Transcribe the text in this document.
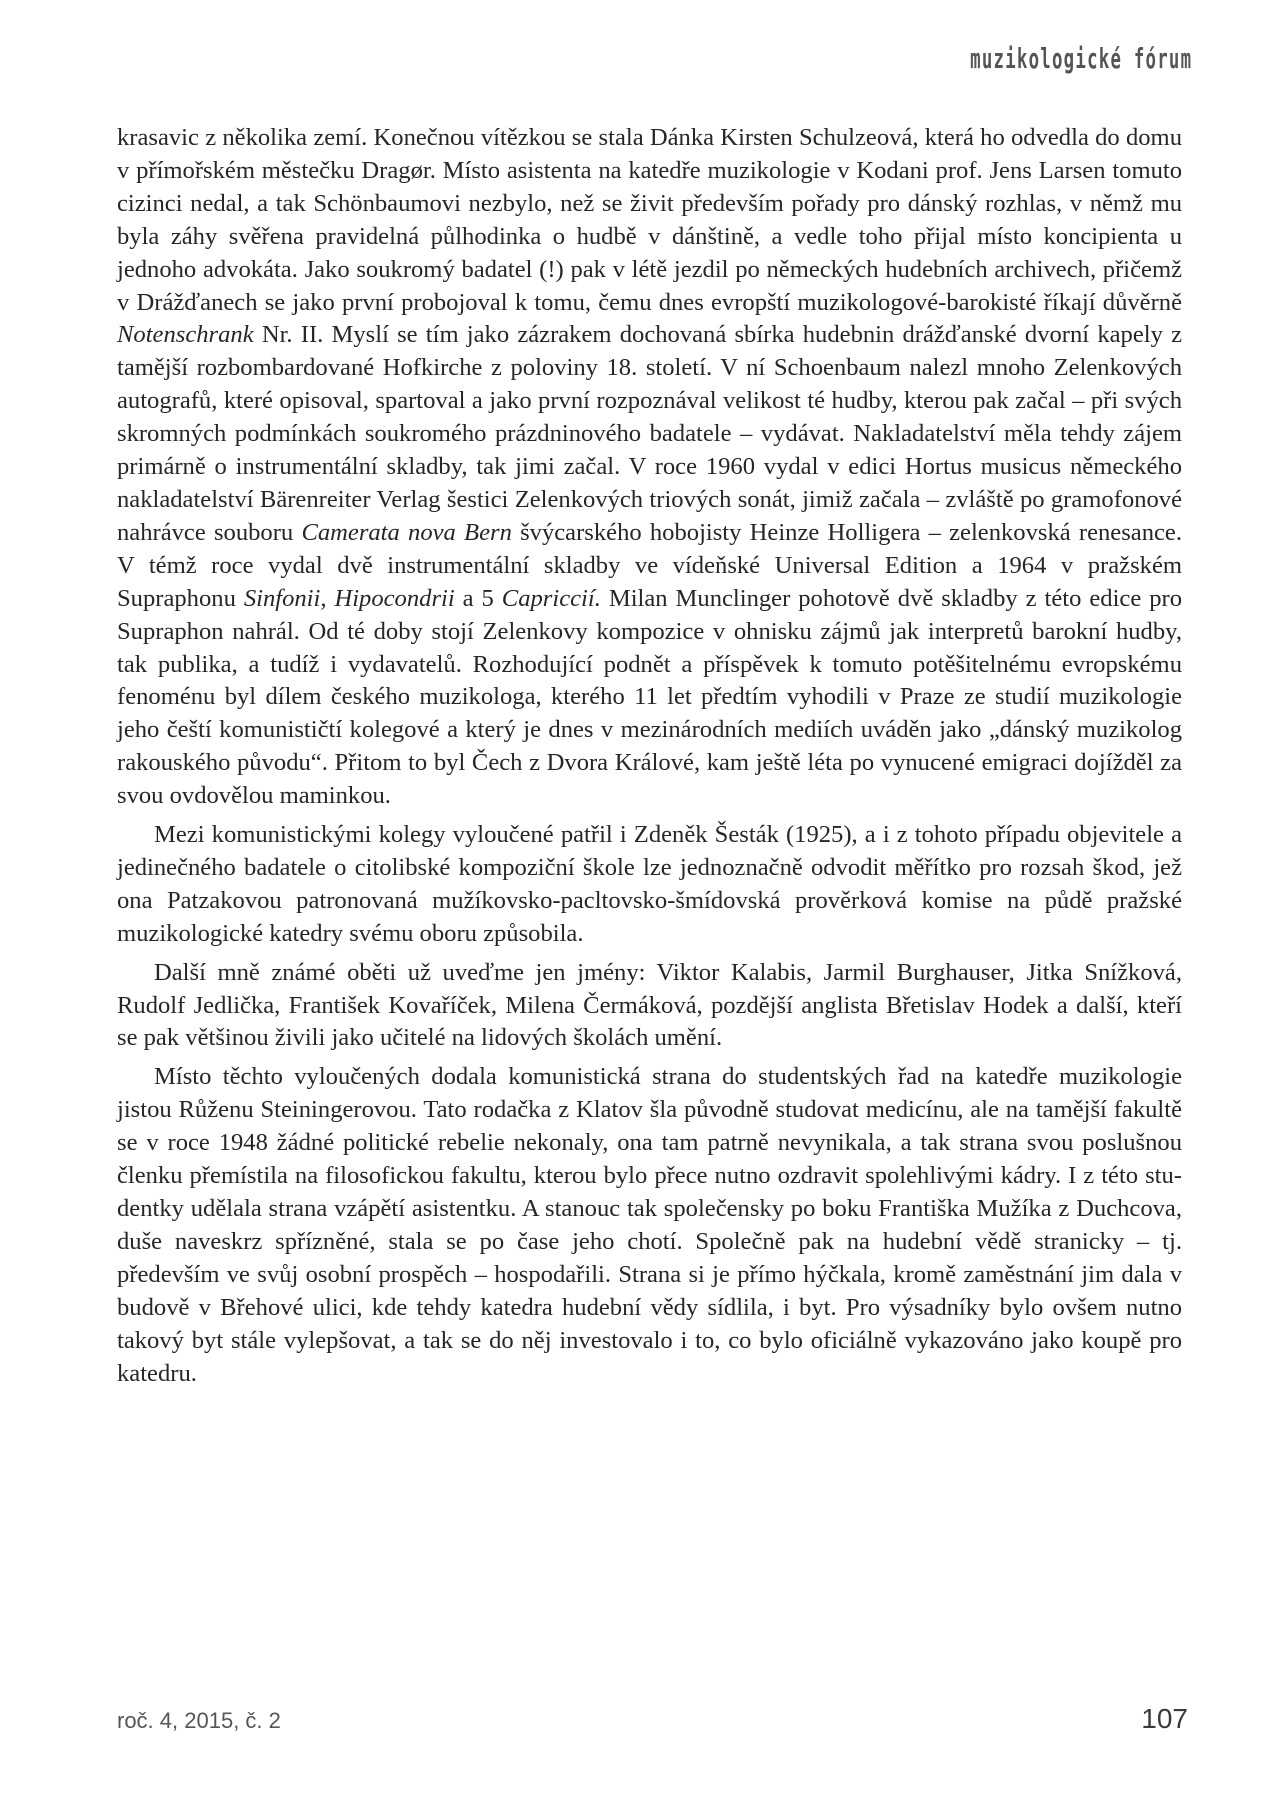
muzikologické fórum

krasavic z několika zemí. Konečnou vítězkou se stala Dánka Kirsten Schulzeová, která ho odvedla do domu v přímořském městečku Dragør. Místo asistenta na katedře muzikologie v Kodani prof. Jens Larsen tomuto cizinci nedal, a tak Schönbaumovi nezbylo, než se živit především pořady pro dánský rozhlas, v němž mu byla záhy svěřena pravidelná půlhodinka o hudbě v dánštině, a vedle toho přijal místo koncipienta u jednoho advokáta. Jako soukromý badatel (!) pak v létě jezdil po německých hudebních archivech, přičemž v Drážďanech se jako první probojoval k tomu, čemu dnes evropští muzikologové-barokisté říkají důvěrně Notenschrank Nr. II. Myslí se tím jako zázrakem dochovaná sbírka hudebnin drážďanské dvorní kapely z tamější rozbombardované Hofkirche z poloviny 18. století. V ní Schoenbaum nalezl mnoho Zelenkových autografů, které opisoval, spartoval a jako první rozpoznával velikost té hudby, kterou pak začal – při svých skromných podmínkách soukromého prázdninového badatele – vydávat. Nakladatelství měla tehdy zájem primárně o instrumentální skladby, tak jimi začal. V roce 1960 vydal v edici Hortus musicus německého nakladatelství Bärenreiter Verlag šestici Zelenkových triových sonát, jimiž začala – zvláště po gramofonové nahrávce souboru Camerata nova Bern švýcarského hobojisty Heinze Holligera – zelenkovská renesance. V témž roce vydal dvě instrumentální skladby ve vídeňské Universal Edition a 1964 v pražském Supraphonu Sinfonii, Hipocondrii a 5 Capriccií. Milan Munclinger pohotově dvě skladby z této edice pro Supraphon nahrál. Od té doby stojí Zelenkovy kompozice v ohnisku zájmů jak interpretů barokní hudby, tak publika, a tudíž i vydavatelů. Rozhodující podnět a příspěvek k tomuto potěšitelnému evropskému fenoménu byl dílem českého muzikologa, kterého 11 let předtím vyhodili v Praze ze studií muzikologie jeho čeští komunističtí kolegové a který je dnes v mezinárodních mediích uváděn jako „dánský muzikolog rakouského původu“. Přitom to byl Čech z Dvora Králové, kam ještě léta po vynucené emigraci dojížděl za svou ovdovělou maminkou.

Mezi komunistickými kolegy vyloučené patřil i Zdeněk Šesták (1925), a i z tohoto případu objevitele a jedinečného badatele o citolibské kompoziční škole lze jednoznačně odvodit měřítko pro rozsah škod, jež ona Patzakovou patronovaná mužíkovsko-pacltovsko-šmídovská prověrková komise na půdě pražské muzikologické katedry svému oboru způsobila.

Další mně známé oběti už uveďme jen jmény: Viktor Kalabis, Jarmil Burghauser, Jitka Snížková, Rudolf Jedlička, František Kovaříček, Milena Čermáková, pozdější anglista Břetislav Hodek a další, kteří se pak většinou živili jako učitelé na lidových školách umění.

Místo těchto vyloučených dodala komunistická strana do studentských řad na katedře muzikologie jistou Růženu Steiningerovou. Tato rodačka z Klatov šla původně studovat medicínu, ale na tamější fakultě se v roce 1948 žádné politické rebelie nekonaly, ona tam patrně nevynikala, a tak strana svou poslušnou členku přemístila na filosofickou fakultu, kterou bylo přece nutno ozdravit spolehlivými kádry. I z této studentky udělala strana vzápětí asistentku. A stanouc tak společensky po boku Františka Mužíka z Duchcova, duše naveskrz spřízněné, stala se po čase jeho chotí. Společně pak na hudební vědě stranicky – tj. především ve svůj osobní prospěch – hospodařili. Strana si je přímo hýčkala, kromě zaměstnání jim dala v budově v Břehové ulici, kde tehdy katedra hudební vědy sídlila, i byt. Pro výsadníky bylo ovšem nutno takový byt stále vylepšovat, a tak se do něj investovalo i to, co bylo oficiálně vykazováno jako koupě pro katedru.

roč. 4, 2015, č. 2	107
